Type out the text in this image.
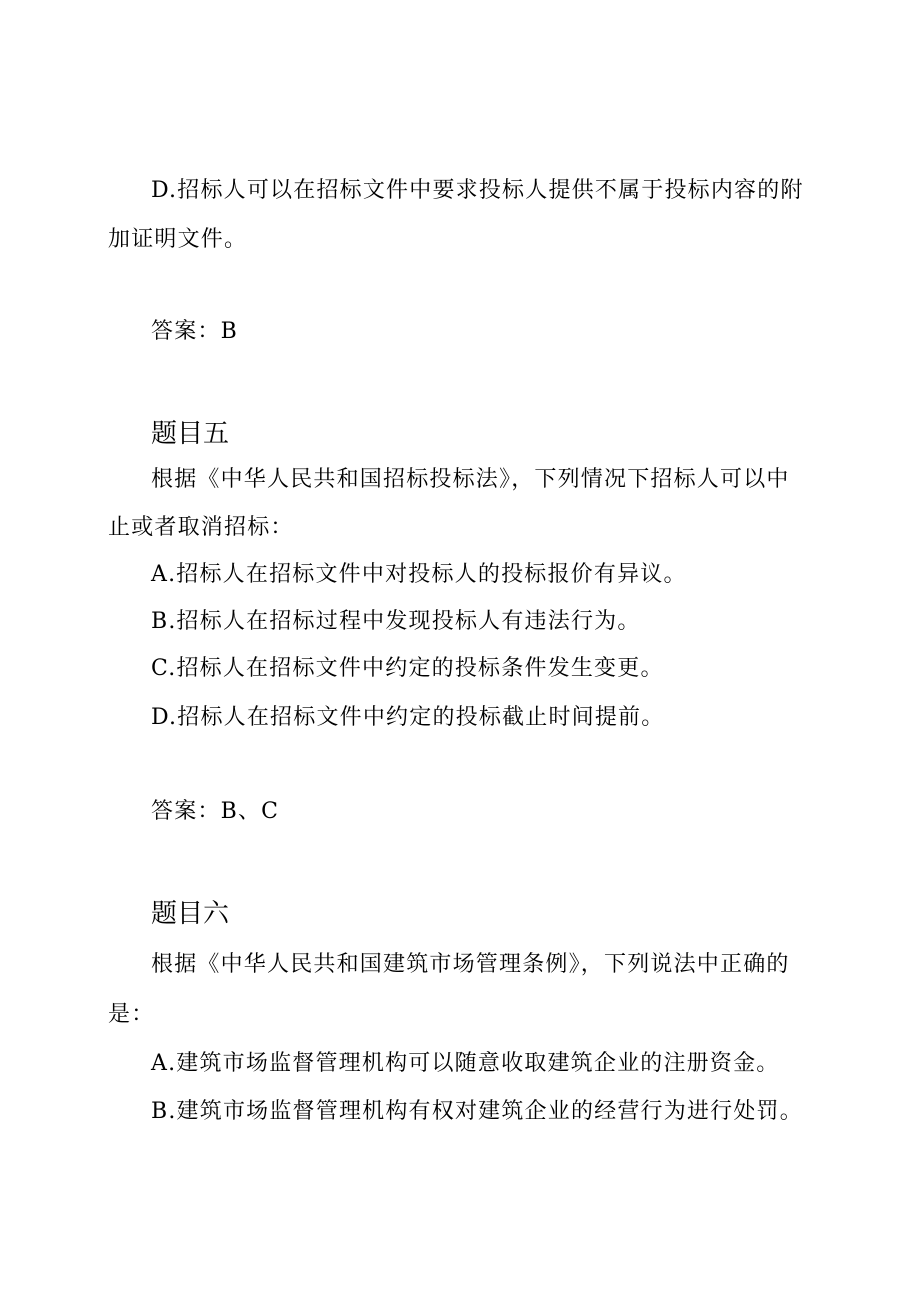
D.招标人可以在招标文件中要求投标人提供不属于投标内容的附
加证明文件。
答案：B
题目五
根据《中华人民共和国招标投标法》，下列情况下招标人可以中
止或者取消招标：
A.招标人在招标文件中对投标人的投标报价有异议。
B.招标人在招标过程中发现投标人有违法行为。
C.招标人在招标文件中约定的投标条件发生变更。
D.招标人在招标文件中约定的投标截止时间提前。
答案：B、C
题目六
根据《中华人民共和国建筑市场管理条例》，下列说法中正确的
是：
A.建筑市场监督管理机构可以随意收取建筑企业的注册资金。
B.建筑市场监督管理机构有权对建筑企业的经营行为进行处罚。
